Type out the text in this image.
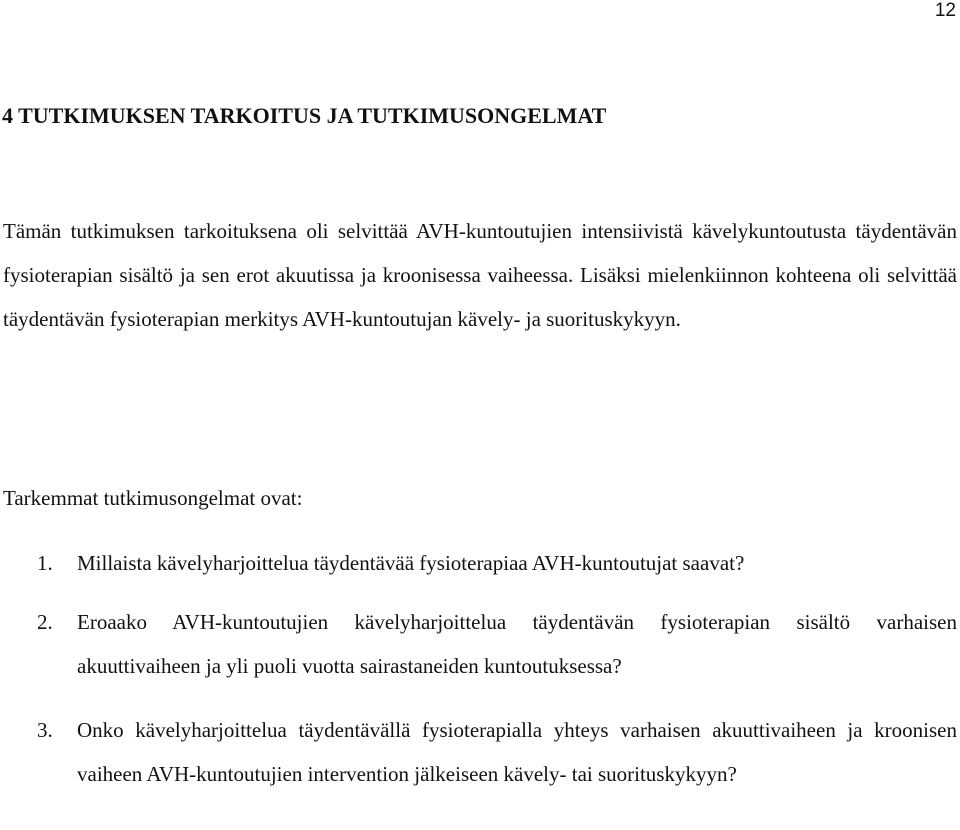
12
4 TUTKIMUKSEN TARKOITUS JA TUTKIMUSONGELMAT

Tämän tutkimuksen tarkoituksena oli selvittää AVH-kuntoutujien intensiivistä kävelykuntoutusta täydentävän fysioterapian sisältö ja sen erot akuutissa ja kroonisessa vaiheessa. Lisäksi mielenkiinnon kohteena oli selvittää täydentävän fysioterapian merkitys AVH-kuntoutujan kävely- ja suorituskykyyn.

Tarkemmat tutkimusongelmat ovat:

1. Millaista kävelyharjoittelua täydentävää fysioterapiaa AVH-kuntoutujat saavat?
2. Eroaako AVH-kuntoutujien kävelyharjoittelua täydentävän fysioterapian sisältö varhaisen akuuttivaiheen ja yli puoli vuotta sairastaneiden kuntoutuksessa?
3. Onko kävelyharjoittelua täydentävällä fysioterapialla yhteys varhaisen akuuttivaiheen ja kroonisen vaiheen AVH-kuntoutujien intervention jälkeiseen kävely- tai suorituskykyyn?
